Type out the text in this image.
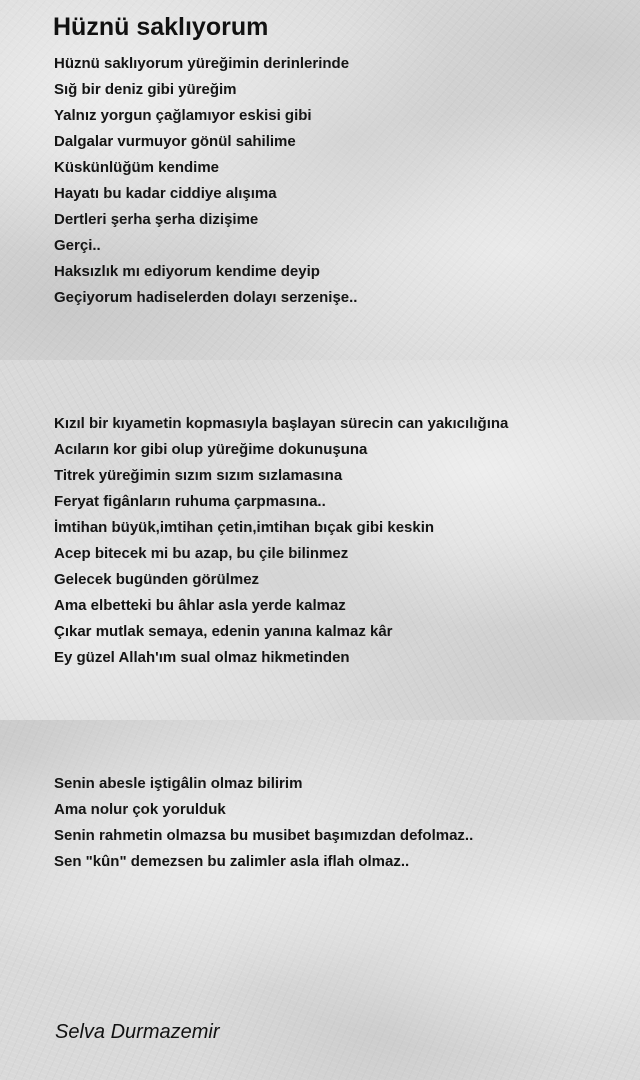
Hüznü saklıyorum
Hüznü saklıyorum yüreğimin derinlerinde
Sığ bir deniz gibi yüreğim
Yalnız yorgun çağlamıyor eskisi gibi
Dalgalar vurmuyor gönül sahilime
Küskünlüğüm kendime
Hayatı bu kadar ciddiye alışıma
Dertleri şerha şerha dizişime
Gerçi..
Haksızlık mı ediyorum kendime deyip
Geçiyorum hadiselerden dolayı serzenişe..
Kızıl bir kıyametin kopmasıyla başlayan sürecin can yakıcılığına
Acıların kor gibi olup yüreğime dokunuşuna
Titrek yüreğimin sızım sızım sızlamasına
Feryat figânların ruhuma çarpmasına..
İmtihan büyük,imtihan çetin,imtihan bıçak gibi keskin
Acep bitecek mi bu azap, bu çile bilinmez
Gelecek bugünden görülmez
Ama elbetteki bu âhlar asla yerde kalmaz
Çıkar mutlak semaya, edenin yanına kalmaz kâr
Ey güzel Allah'ım sual olmaz hikmetinden
Senin abesle iştigâlin olmaz bilirim
Ama nolur çok yorulduk
Senin rahmetin olmazsa bu musibet başımızdan defolmaz..
Sen "kûn" demezsen bu zalimler asla iflah olmaz..

Selva Durmazemir
